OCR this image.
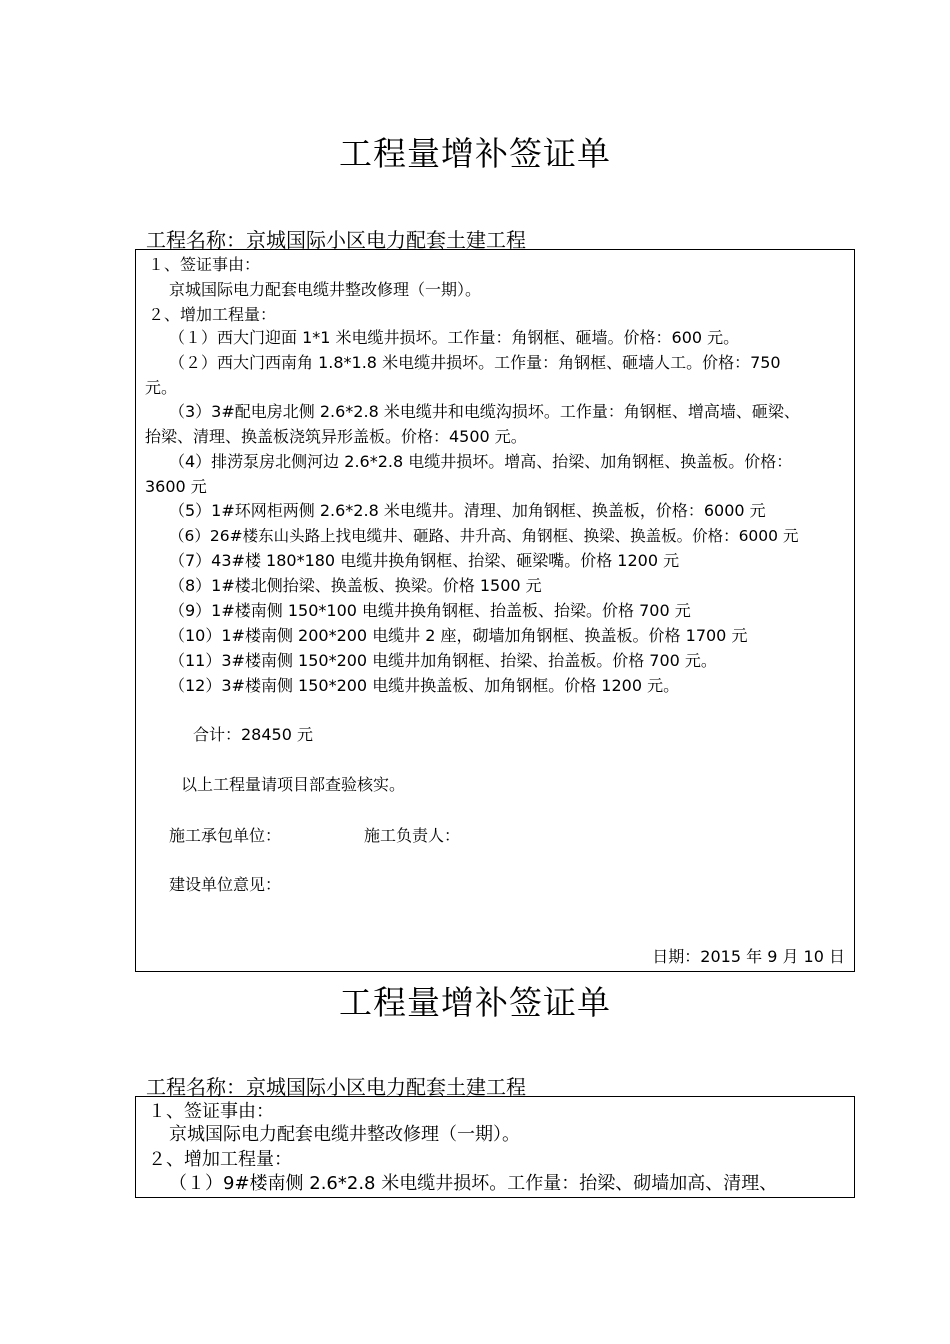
工程量增补签证单
工程名称：京城国际小区电力配套土建工程
１、签证事由：
京城国际电力配套电缆井整改修理（一期）。
２、增加工程量：
（１）西大门迎面 1*1 米电缆井损坏。工作量：角钢框、砸墙。价格：600 元。
（２）西大门西南角 1.8*1.8 米电缆井损坏。工作量：角钢框、砸墙人工。价格：750
元。
（3）3#配电房北侧 2.6*2.8 米电缆井和电缆沟损坏。工作量：角钢框、增高墙、砸梁、
抬梁、清理、换盖板浇筑异形盖板。价格：4500 元。
（4）排涝泵房北侧河边 2.6*2.8 电缆井损坏。增高、抬梁、加角钢框、换盖板。价格：
3600 元
（5）1#环网柜两侧 2.6*2.8 米电缆井。清理、加角钢框、换盖板，价格：6000 元
（6）26#楼东山头路上找电缆井、砸路、井升高、角钢框、换梁、换盖板。价格：6000 元
（7）43#楼 180*180 电缆井换角钢框、抬梁、砸梁嘴。价格 1200 元
（8）1#楼北侧抬梁、换盖板、换梁。价格 1500 元
（9）1#楼南侧 150*100 电缆井换角钢框、抬盖板、抬梁。价格 700 元
（10）1#楼南侧 200*200 电缆井 2 座，砌墙加角钢框、换盖板。价格 1700 元
（11）3#楼南侧 150*200 电缆井加角钢框、抬梁、抬盖板。价格 700 元。
（12）3#楼南侧 150*200 电缆井换盖板、加角钢框。价格 1200 元。
合计：28450 元
以上工程量请项目部查验核实。
施工承包单位：	施工负责人：
建设单位意见：
日期：2015 年 9 月 10 日
工程量增补签证单
工程名称：京城国际小区电力配套土建工程
１、签证事由：
京城国际电力配套电缆井整改修理（一期）。
２、增加工程量：
（１）9#楼南侧 2.6*2.8 米电缆井损坏。工作量：抬梁、砌墙加高、清理、
